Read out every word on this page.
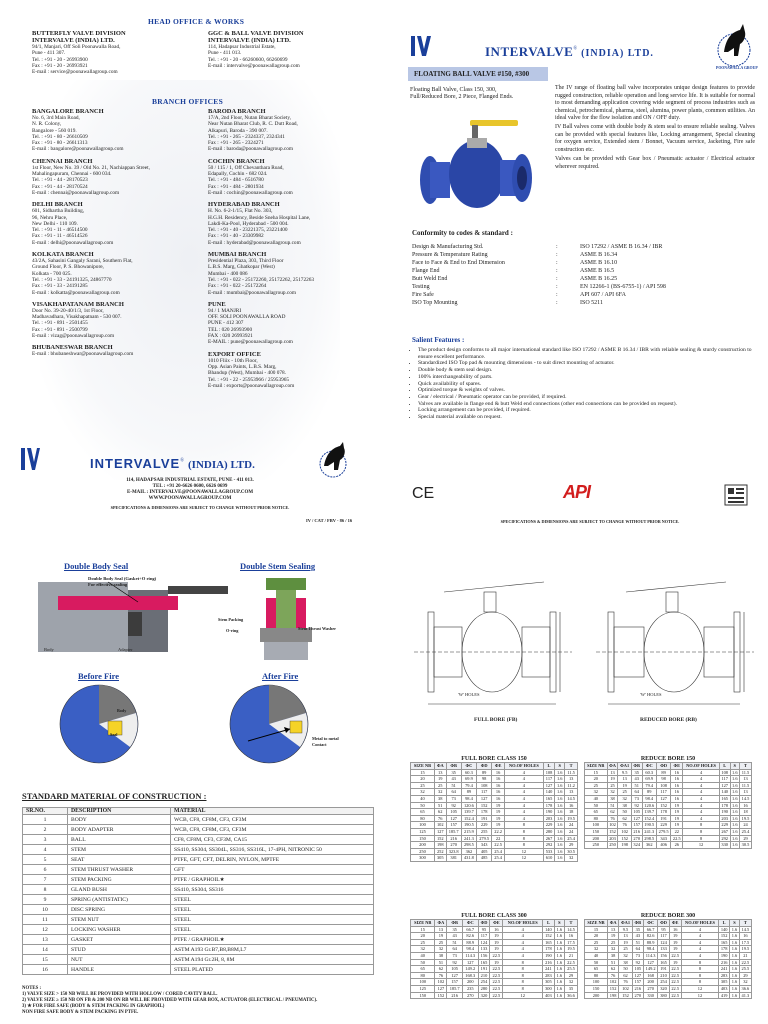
HEAD OFFICE & WORKS
BUTTERFLY VALVE DIVISION
INTERVALVE (INDIA) LTD.
94/1, Manjari, Off Soli Poonawalla Road,
Pune - 411 307.
Tel. : +91 - 20 - 26993900
Fax : +91 - 20 - 26993921
E-mail : service@poonawallagroup.com
GGC & BALL VALVE DIVISION
INTERVALVE (INDIA) LTD.
114, Hadapsar Industrial Estate,
Pune - 411 013.
Tel. : +91 - 20 - 66260600, 66260699
E-mail : intervalve@poonawallagroup.com
BRANCH OFFICES
BANGALORE BRANCH
No. 6, 3rd Main Road,
N. R. Colony,
Bangalore - 560 019.
Tel. : +91 - 80 - 26610509
Fax : +91 - 80 - 26611313
E-mail : bangalore@poonawallagroup.com
CHENNAI BRANCH
1st Floor, New No. 39 / Old No. 21, Nachiappan Street,
Mahalingapuram, Chennai - 600 034.
Tel. : +91 - 44 - 28170523
Fax : +91 - 44 - 28170524
E-mail : chennai@poonawallagroup.com
DELHI BRANCH
601, Sidhartha Building,
96, Nehru Place,
New Delhi - 110 109.
Tel. : +91 - 11 - 46514500
Fax : +91 - 11 - 46514526
E-mail : delhi@poonawallagroup.com
KOLKATA BRANCH
43/2A, Sahasini Gangaly Sarani, Southern Flat,
Ground Floor, P. S. Bhowanipore,
Kolkata - 700 025.
Tel. : +91 - 33 - 24191325, 24867770
Fax : +91 - 33 - 24191285
E-mail : kolkatta@poonawallagroup.com
VISAKHAPATANAM BRANCH
Door No. 39-20-40/1/3, 1st Floor,
Madhavadhara, Visakhapatnam - 530 007.
Tel. : +91 - 891 - 2501455
Fax : +91 - 891 - 2500799
E-mail : vizag@poonawallagroup.com
BHUBANESWAR BRANCH
E-mail : bhubaneshwar@poonawallagroup.com
BARODA BRANCH
17/A, 2nd Floor, Nutan Bharat Society,
Near Nutan Bharat Club, R. C. Dutt Road,
Alkapuri, Baroda - 390 007.
Tel. : +91 - 265 - 2324337, 2324341
Fax : +91 - 265 - 2324271
E-mail : baroda@poonawallagroup.com
COCHIN BRANCH
50 / 115 / 1, Off Chevanthara Road,
Edapally, Cochin - 682 024.
Tel. : +91 - 484 - 6516780
Fax : +91 - 484 - 2801934
E-mail : cochin@poonawallagroup.com
HYDERABAD BRANCH
H. No. 6-2-1/15, Flat No. 303,
H.G.H. Residency, Beside Sneha Hospital Lane,
Lakdi-Ka-Pool, Hyderabad - 500 004.
Tel. : +91 - 40 - 23221375, 23221400
Fax : +91 - 40 - 23309982
E-mail : hyderabad@poonawallagroup.com
MUMBAI BRANCH
Presidential Plaza, 303, Third Floor
L.B.S. Marg, Ghatkopar (West)
Mumbai - 400 086
Tel. : +91 - 022 - 25172260, 25172262, 25172263
Fax : +91 - 022 - 25172264
E-mail : mumbai@poonawallagroup.com
PUNE
94 / 1 MANJRI
OFF. SOLI POONAWALLA ROAD
PUNE - 412 307
TEL : 020 26993900
FAX : 020 26993921
E-MAIL : pune@poonawallagroup.com
EXPORT OFFICE
1010 Fliix - 10th Floor,
Opp. Asian Paints, L.B.S. Marg,
Bhandup (West), Mumbai - 400 078.
Tel. : +91 - 22 - 25953966 / 25953965
E-mail : exports@poonawallagroup.com
INTERVALVE® (INDIA) LTD.
114, HADAPSAR INDUSTRIAL ESTATE, PUNE - 411 013.
TEL : +91 20-6626 0600, 6626 0699
E-MAIL : INTERVALVE@POONAWALLAGROUP.COM
WWW.POONAWALLAGROUP.COM
SPECIFICATIONS & DIMENSIONS ARE SUBJECT TO CHANGE WITHOUT PRIOR NOTICE.
IV / CAT / FBV - 86 / 16
INTERVALVE® (INDIA) LTD.
POONAWALLA GROUP
FLOATING BALL VALVE #150, #300
Floating Ball Valve, Class 150, 300,
Full/Reduced Bore, 2 Piece, Flanged Ends.
The IV range of floating ball valve incorporates unique design features to provide rugged construction, reliable operation and long service life. It is suitable for normal to most demanding application covering wide segment of process industries such as chemical, petrochemical, pharma, steel, alumina, power plants, common utilities. An ideal valve for the flow isolation and ON / OFF duty.
IV Ball valves come with double body & stem seal to ensure reliable sealing. Valves can be provided with special features like, Locking arrangement, Special cleaning for oxygen service, Extended stem / Bonnet, Vacuum service, Jacketing, Fire safe construction etc.
Valves can be provided with Gear box / Pneumatic actuator / Electrical actuator wherever required.
Conformity to codes & standard :
Design & Manufacturing Std.	:	ISO 17292 / ASME B 16.34 / IBR
Pressure & Temperature Rating	:	ASME B 16.34
Face to Face & End to End Dimension	:	ASME B 16.10
Flange End	:	ASME B 16.5
Butt Weld End	:	ASME B 16.25
Testing	:	EN 12266-1 (BS-6755-1) / API 598
Fire Safe	:	API 607 / API 6FA
ISO Top Mounting	:	ISO 5211
Salient Features :
• The product design conforms to all major international standard like ISO 17292 / ASME B 16.34 / IBR with reliable sealing & sturdy construction to ensure excellent performance.
• Standardized ISO Top pad & mounting dimensions - to suit direct mounting of actuator.
• Double body & stem seal design.
• 100% interchangeability of parts.
• Quick availability of spares.
• Optimized torque & weights of valves.
• Gear / electrical / Pneumatic operator can be provided, if required.
• Valves are available in flange end & butt Weld end connections (other end connections can be provided on request).
• Locking arrangement can be provided, if required.
• Special material available on request.
CE	API
SPECIFICATIONS & DIMENSIONS ARE SUBJECT TO CHANGE WITHOUT PRIOR NOTICE.
Double Body Seal	Double Stem Sealing
Double Body Seal (Gasket+O ring) For effective sealing
Body	Adapter
Stem Packing
O-ring	Stem Thrust Washer
Before Fire	After Fire
Body
Seal
Metal to metal Contact
STANDARD MATERIAL OF CONSTRUCTION :
SR.NO.	DESCRIPTION	MATERIAL
1	BODY	WCB, CF8, CF8M, CF3, CF3M
2	BODY ADAPTER	WCB, CF8, CF8M, CF3, CF3M
3	BALL	CF8, CF8M, CF3, CF3M, CA15
4	STEM	SS410, SS304, SS304L, SS316, SS316L, 17-4PH, NITRONIC 50
5	SEAT	PTFE, GFT, CFT, DELRIN, NYLON, MPTFE
6	STEM THRUST WASHER	GFT
7	STEM PACKING	PTFE / GRAPHOIL★
8	GLAND BUSH	SS410, SS304, SS316
9	SPRING (ANTISTATIC)	STEEL
10	DISC SPRING	STEEL
11	STEM NUT	STEEL
12	LOCKING WASHER	STEEL
13	GASKET	PTFE / GRAPHOIL★
14	STUD	ASTM A193 Gr.B7,B8,B8M,L7
15	NUT	ASTM A194 Gr.2H, 8, 8M
16	HANDLE	STEEL PLATED
NOTES :
1) VALVE SIZE > 150 NB WILL BE PROVIDED WITH HOLLOW / CORED CAVITY BALL.
2) VALVE SIZE ≥ 150 NB ON FB & 200 NB ON RB WILL BE PROVIDED WITH GEAR BOX, ACTUATOR (ELECTRICAL / PNEUMATIC).
3) ★ FOR FIRE SAFE (BODY & STEM PACKING IN GRAPHOIL)
NON FIRE SAFE BODY & STEM PACKING IN PTFE.
'W' HOLES	'W' HOLES
FULL BORE (FB)	REDUCED BORE (RB)
FULL BORE CLASS 150
SIZE NB	ΦA	ΦB	ΦC	ΦD	ΦE	NO.OF HOLES	L	S	T
15	13	35	60.3	89	16	4	108	1.6	11.5
20	19	43	69.9	98	16	4	117	1.6	13
25	25	51	79.4	108	16	4	127	1.6	11.2
32	32	64	89	117	16	4	140	1.6	13
40	38	73	98.4	127	16	4	165	1.6	14.5
50	51	92	120.6	152	19	4	178	1.6	16
65	62	105	139.7	178	19	4	190	1.6	18
80	76	127	152.4	191	19	4	203	1.6	19.5
100	102	157	190.5	229	19	8	229	1.6	24
125	127	185.7	215.9	255	22.2	8	280	1.6	24
150	152	216	241.3	279.5	22	8	267	1.6	25.4
200	198	270	298.5	343	22.5	8	292	1.6	29
250	252	323.8	362	405	25.4	12	533	1.6	30.5
300	305	381	431.8	485	25.4	12	610	1.6	32
REDUCE BORE 150
SIZE NB	ΦA	ΦA1	ΦB	ΦC	ΦD	ΦE	NO.OF HOLES	L	S	T
15	13	9.5	35	60.3	89	16	4	108	1.6	11.5
20	19	13	43	69.9	98	16	4	117	1.6	13
25	25	19	51	79.4	108	16	4	127	1.6	11.5
32	32	25	64	89	117	16	4	140	1.6	13
40	38	32	73	98.4	127	16	4	165	1.6	14.5
50	51	38	92	120.6	152	19	4	178	1.6	16
65	62	50	105	139.7	178	19	4	190	1.6	18
80	76	62	127	152.4	191	19	4	203	1.6	19.5
100	102	76	157	190.5	229	19	8	229	1.6	24
150	152	102	216	241.3	279.5	22	8	267	1.6	25.4
200	203	152	270	298.5	343	22.5	8	292	1.6	29
250	250	198	324	362	406	26	12	330	1.6	30.5
FULL BORE CLASS 300
SIZE NB	ΦA	ΦB	ΦC	ΦD	ΦE	NO.OF HOLES	L	S	T
15	13	35	66.7	95	16	4	140	1.6	14.5
20	19	43	82.6	117	19	4	152	1.6	16
25	25	51	88.9	124	19	4	165	1.6	17.5
32	32	64	98.4	133	19	4	178	1.6	19.5
40	38	73	114.3	156	22.5	4	190	1.6	21
50	51	92	127	165	19	8	216	1.6	22.5
65	62	105	149.2	191	22.5	8	241	1.6	25.5
80	76	127	168.3	210	22.5	8	283	1.6	29
100	102	157	200	254	22.5	8	305	1.6	32
125	127	185.7	235	280	22.5	8	300	1.6	35
150	152	216	270	320	22.5	12	403	1.6	36.6
REDUCE BORE 300
SIZE NB	ΦA	ΦA1	ΦB	ΦC	ΦD	ΦE	NO.OF HOLES	L	S	T
15	13	9.5	35	66.7	95	16	4	140	1.6	14.5
20	19	13	43	82.6	117	19	4	152	1.6	16
25	25	19	51	88.9	124	19	4	165	1.6	17.5
32	32	25	64	98.4	133	19	4	178	1.6	19.5
40	38	32	73	114.3	156	22.5	4	190	1.6	21
50	51	38	92	127	165	19	8	216	1.6	22.5
65	62	50	105	149.2	191	22.5	8	241	1.6	25.5
80	76	62	127	168	210	22.5	8	283	1.6	29
100	102	76	157	200	254	22.5	8	305	1.6	32
150	152	102	216	270	320	22.5	12	403	1.6	36.6
200	198	152	270	330	380	22.5	12	419	1.6	41.3
